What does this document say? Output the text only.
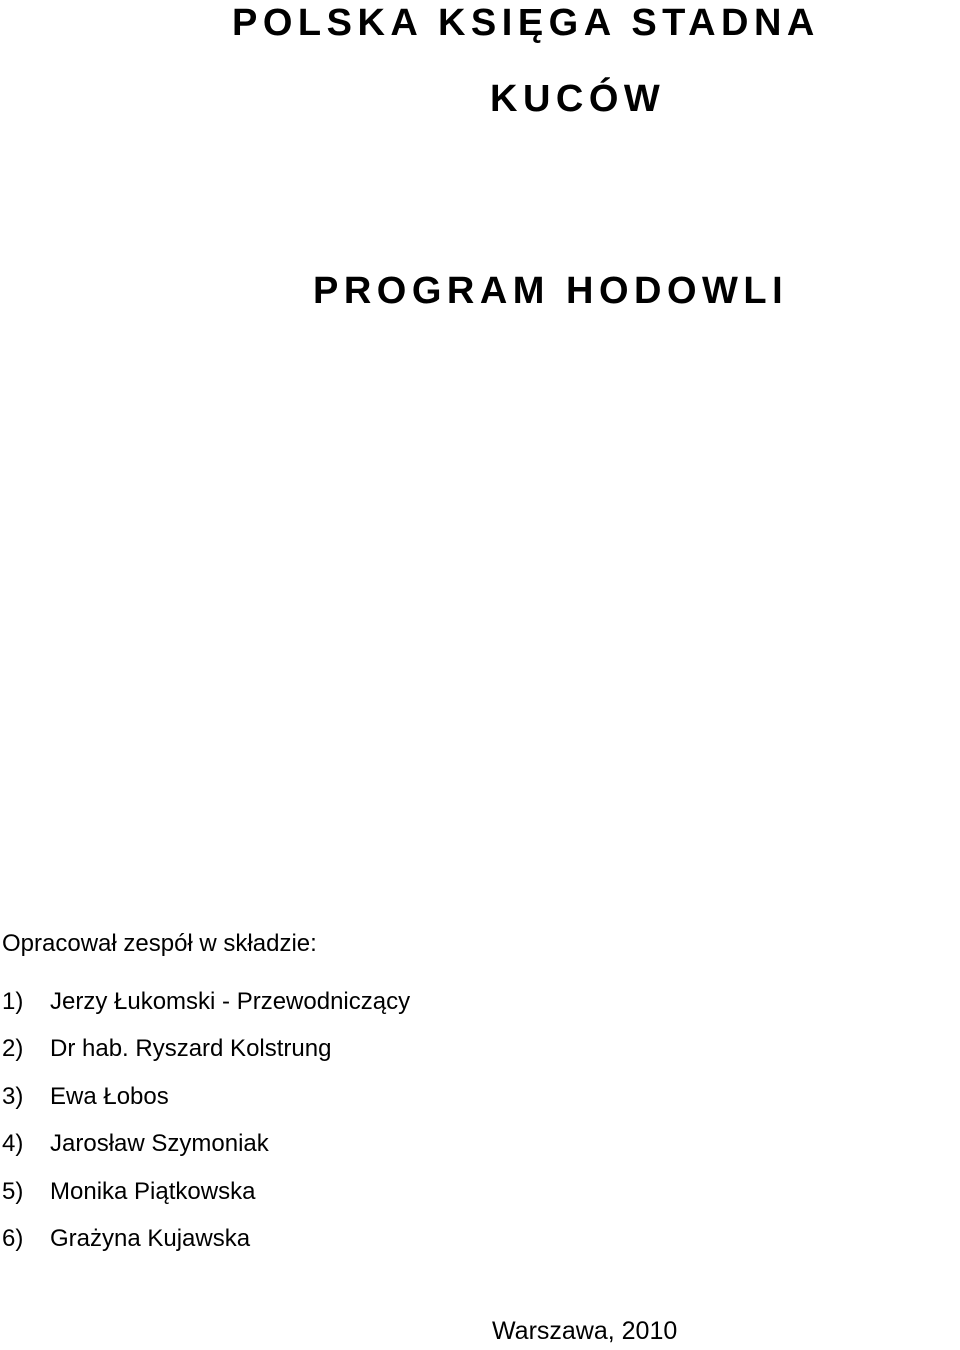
POLSKA KSIĘGA STADNA
KUCÓW
PROGRAM HODOWLI
Opracował zespół w składzie:
1)	Jerzy Łukomski - Przewodniczący
2)	Dr hab. Ryszard Kolstrung
3)	Ewa Łobos
4)	Jarosław Szymoniak
5)	Monika Piątkowska
6)	Grażyna Kujawska
Warszawa, 2010
